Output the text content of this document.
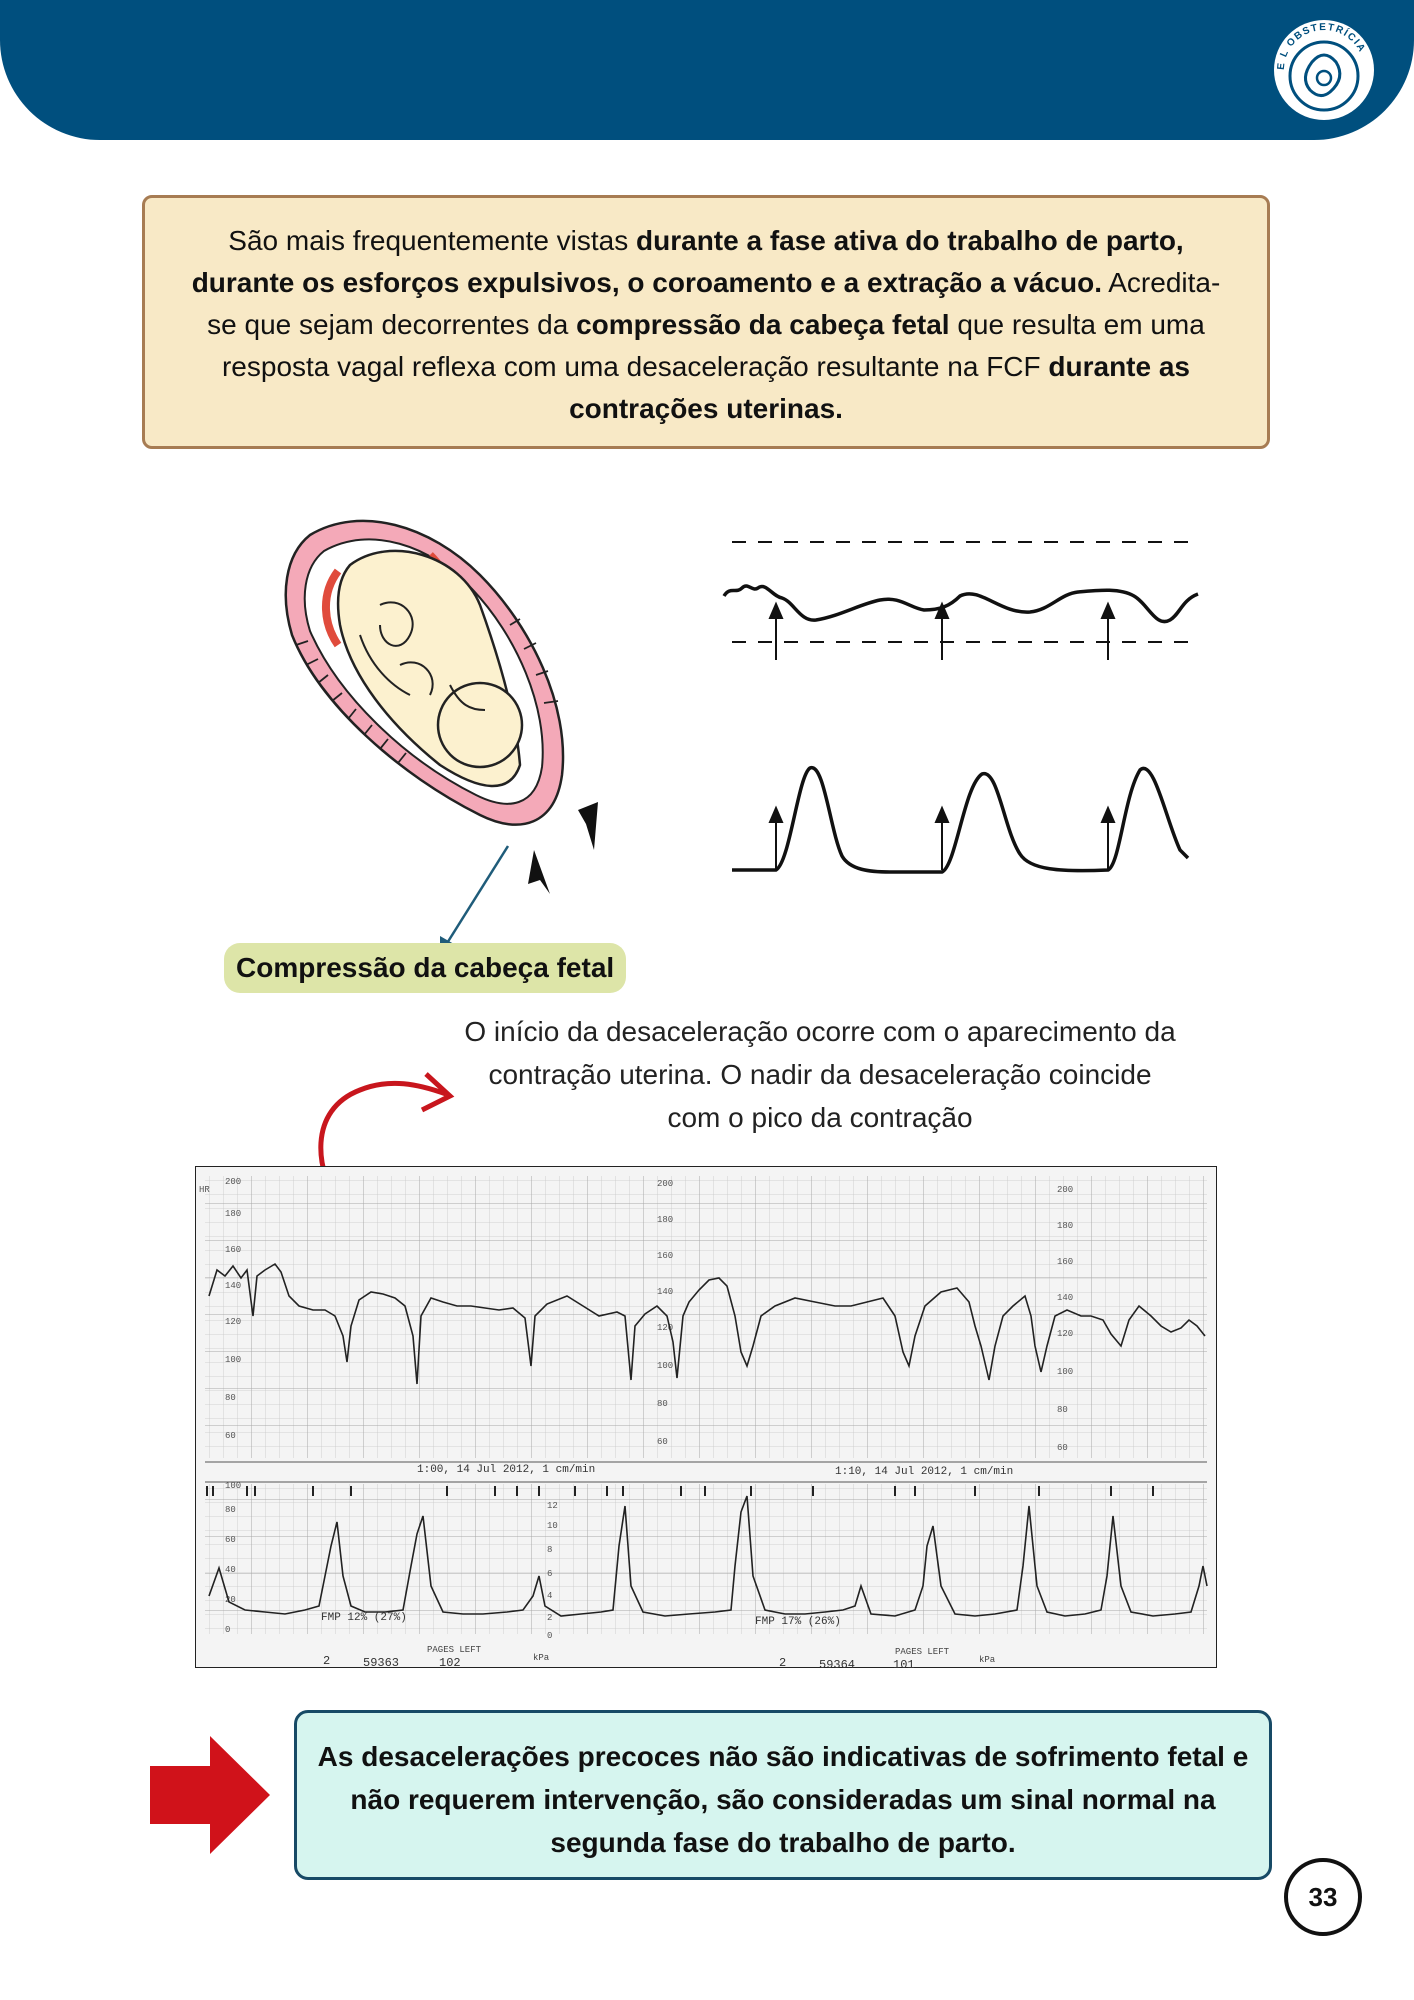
E L OBSTETRÍCIA
São mais frequentemente vistas durante a fase ativa do trabalho de parto, durante os esforços expulsivos, o coroamento e a extração a vácuo. Acredita-se que sejam decorrentes da compressão da cabeça fetal que resulta em uma resposta vagal reflexa com uma desaceleração resultante na FCF durante as contrações uterinas.
Compressão da cabeça fetal
O início da desaceleração ocorre com o aparecimento da contração uterina. O nadir da desaceleração coincide com o pico da contração
HR
200
180
160
140
120
100
80
60
200
180
160
140
120
100
80
60
200
180
160
140
120
100
80
60
1:00, 14 Jul 2012, 1 cm/min	1:10, 14 Jul 2012, 1 cm/min
100
80
60
40
20
0
12
10
8
6
4
2
0
FMP 12% (27%)	FMP 17% (26%)
PAGES LEFT
kPa
PAGES LEFT
kPa
2	59363	102	2	59364	101
As desacelerações precoces não são indicativas de sofrimento fetal e não requerem intervenção, são consideradas um sinal normal na segunda fase do trabalho de parto.
33
